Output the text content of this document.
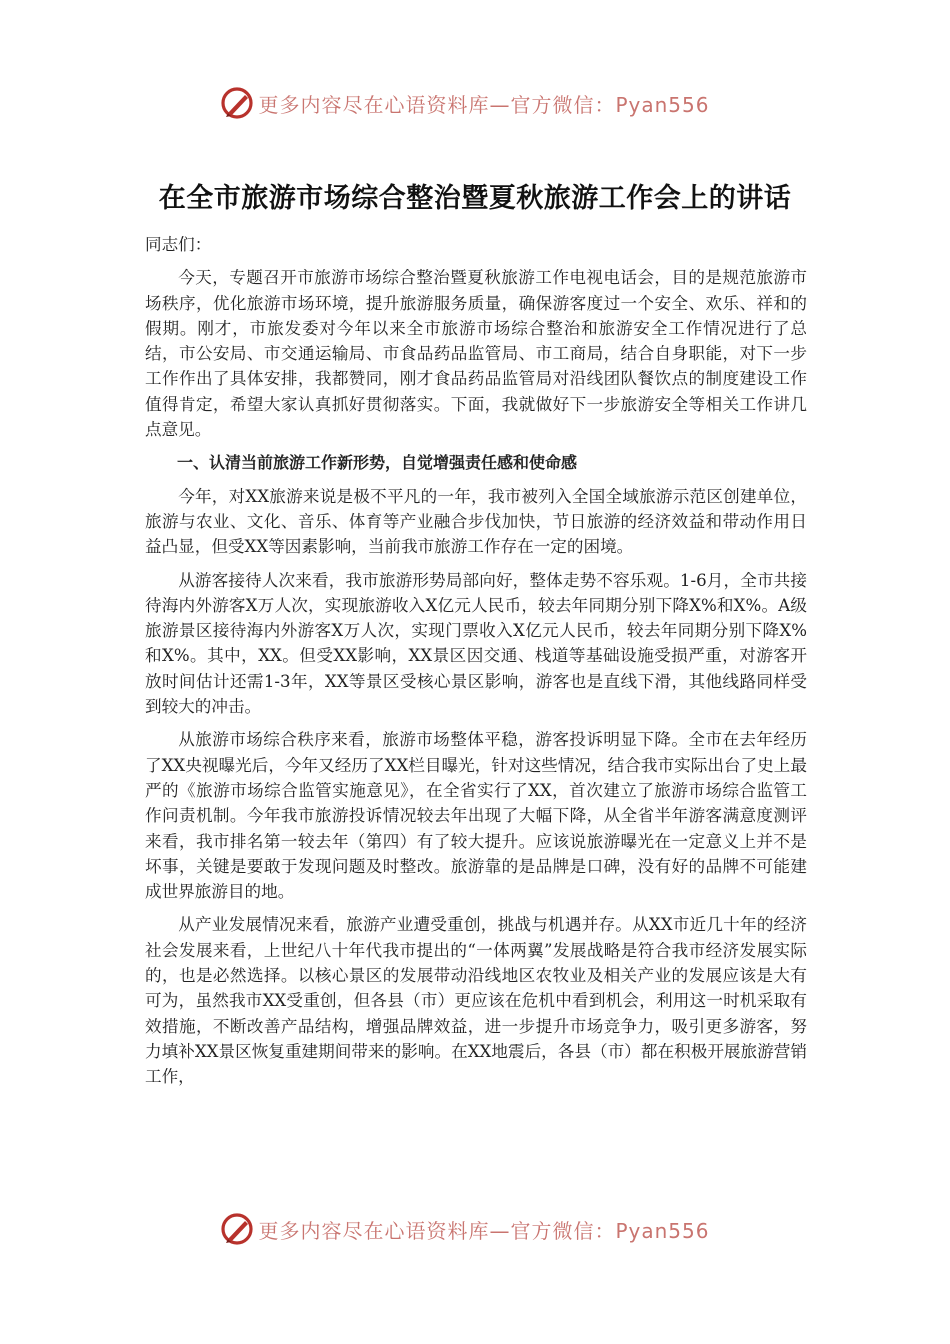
更多内容尽在心语资料库—官方微信：Pyan556
在全市旅游市场综合整治暨夏秋旅游工作会上的讲话

同志们：

今天，专题召开市旅游市场综合整治暨夏秋旅游工作电视电话会，目的是规范旅游市场秩序，优化旅游市场环境，提升旅游服务质量，确保游客度过一个安全、欢乐、祥和的假期。刚才，市旅发委对今年以来全市旅游市场综合整治和旅游安全工作情况进行了总结，市公安局、市交通运输局、市食品药品监管局、市工商局，结合自身职能，对下一步工作作出了具体安排，我都赞同，刚才食品药品监管局对沿线团队餐饮点的制度建设工作值得肯定，希望大家认真抓好贯彻落实。下面，我就做好下一步旅游安全等相关工作讲几点意见。

一、认清当前旅游工作新形势，自觉增强责任感和使命感

今年，对XX旅游来说是极不平凡的一年，我市被列入全国全域旅游示范区创建单位，旅游与农业、文化、音乐、体育等产业融合步伐加快，节日旅游的经济效益和带动作用日益凸显，但受XX等因素影响，当前我市旅游工作存在一定的困境。

从游客接待人次来看，我市旅游形势局部向好，整体走势不容乐观。1-6月，全市共接待海内外游客X万人次，实现旅游收入X亿元人民币，较去年同期分别下降X%和X%。A级旅游景区接待海内外游客X万人次，实现门票收入X亿元人民币，较去年同期分别下降X%和X%。其中，XX。但受XX影响，XX景区因交通、栈道等基础设施受损严重，对游客开放时间估计还需1-3年，XX等景区受核心景区影响，游客也是直线下滑，其他线路同样受到较大的冲击。

从旅游市场综合秩序来看，旅游市场整体平稳，游客投诉明显下降。全市在去年经历了XX央视曝光后，今年又经历了XX栏目曝光，针对这些情况，结合我市实际出台了史上最严的《旅游市场综合监管实施意见》，在全省实行了XX，首次建立了旅游市场综合监管工作问责机制。今年我市旅游投诉情况较去年出现了大幅下降，从全省半年游客满意度测评来看，我市排名第一较去年（第四）有了较大提升。应该说旅游曝光在一定意义上并不是坏事，关键是要敢于发现问题及时整改。旅游靠的是品牌是口碑，没有好的品牌不可能建成世界旅游目的地。

从产业发展情况来看，旅游产业遭受重创，挑战与机遇并存。从XX市近几十年的经济社会发展来看，上世纪八十年代我市提出的“一体两翼”发展战略是符合我市经济发展实际的，也是必然选择。以核心景区的发展带动沿线地区农牧业及相关产业的发展应该是大有可为，虽然我市XX受重创，但各县（市）更应该在危机中看到机会，利用这一时机采取有效措施，不断改善产品结构，增强品牌效益，进一步提升市场竞争力，吸引更多游客，努力填补XX景区恢复重建期间带来的影响。在XX地震后，各县（市）都在积极开展旅游营销工作，

更多内容尽在心语资料库—官方微信：Pyan556
